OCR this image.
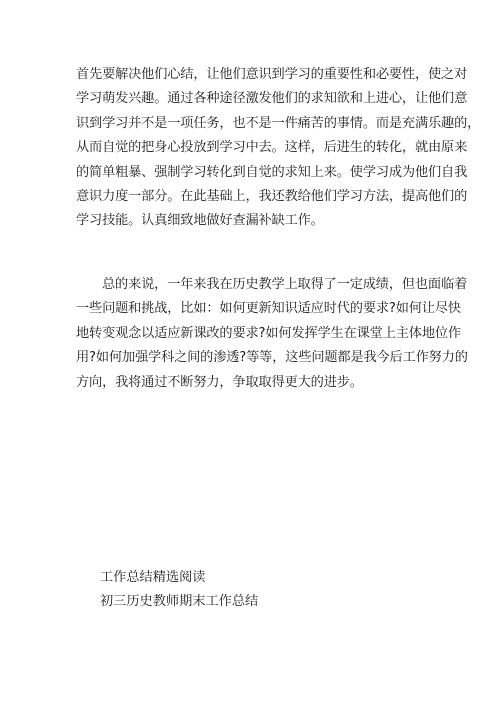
首先要解决他们心结，让他们意识到学习的重要性和必要性，使之对
学习萌发兴趣。通过各种途径激发他们的求知欲和上进心，让他们意
识到学习并不是一项任务，也不是一件痛苦的事情。而是充满乐趣的，
从而自觉的把身心投放到学习中去。这样，后进生的转化，就由原来
的简单粗暴、强制学习转化到自觉的求知上来。使学习成为他们自我
意识力度一部分。在此基础上，我还教给他们学习方法，提高他们的
学习技能。认真细致地做好查漏补缺工作。
总的来说，一年来我在历史教学上取得了一定成绩，但也面临着
一些问题和挑战，比如：如何更新知识适应时代的要求?如何让尽快
地转变观念以适应新课改的要求?如何发挥学生在课堂上主体地位作
用?如何加强学科之间的渗透?等等，这些问题都是我今后工作努力的
方向，我将通过不断努力，争取取得更大的进步。
工作总结精选阅读
初三历史教师期末工作总结
